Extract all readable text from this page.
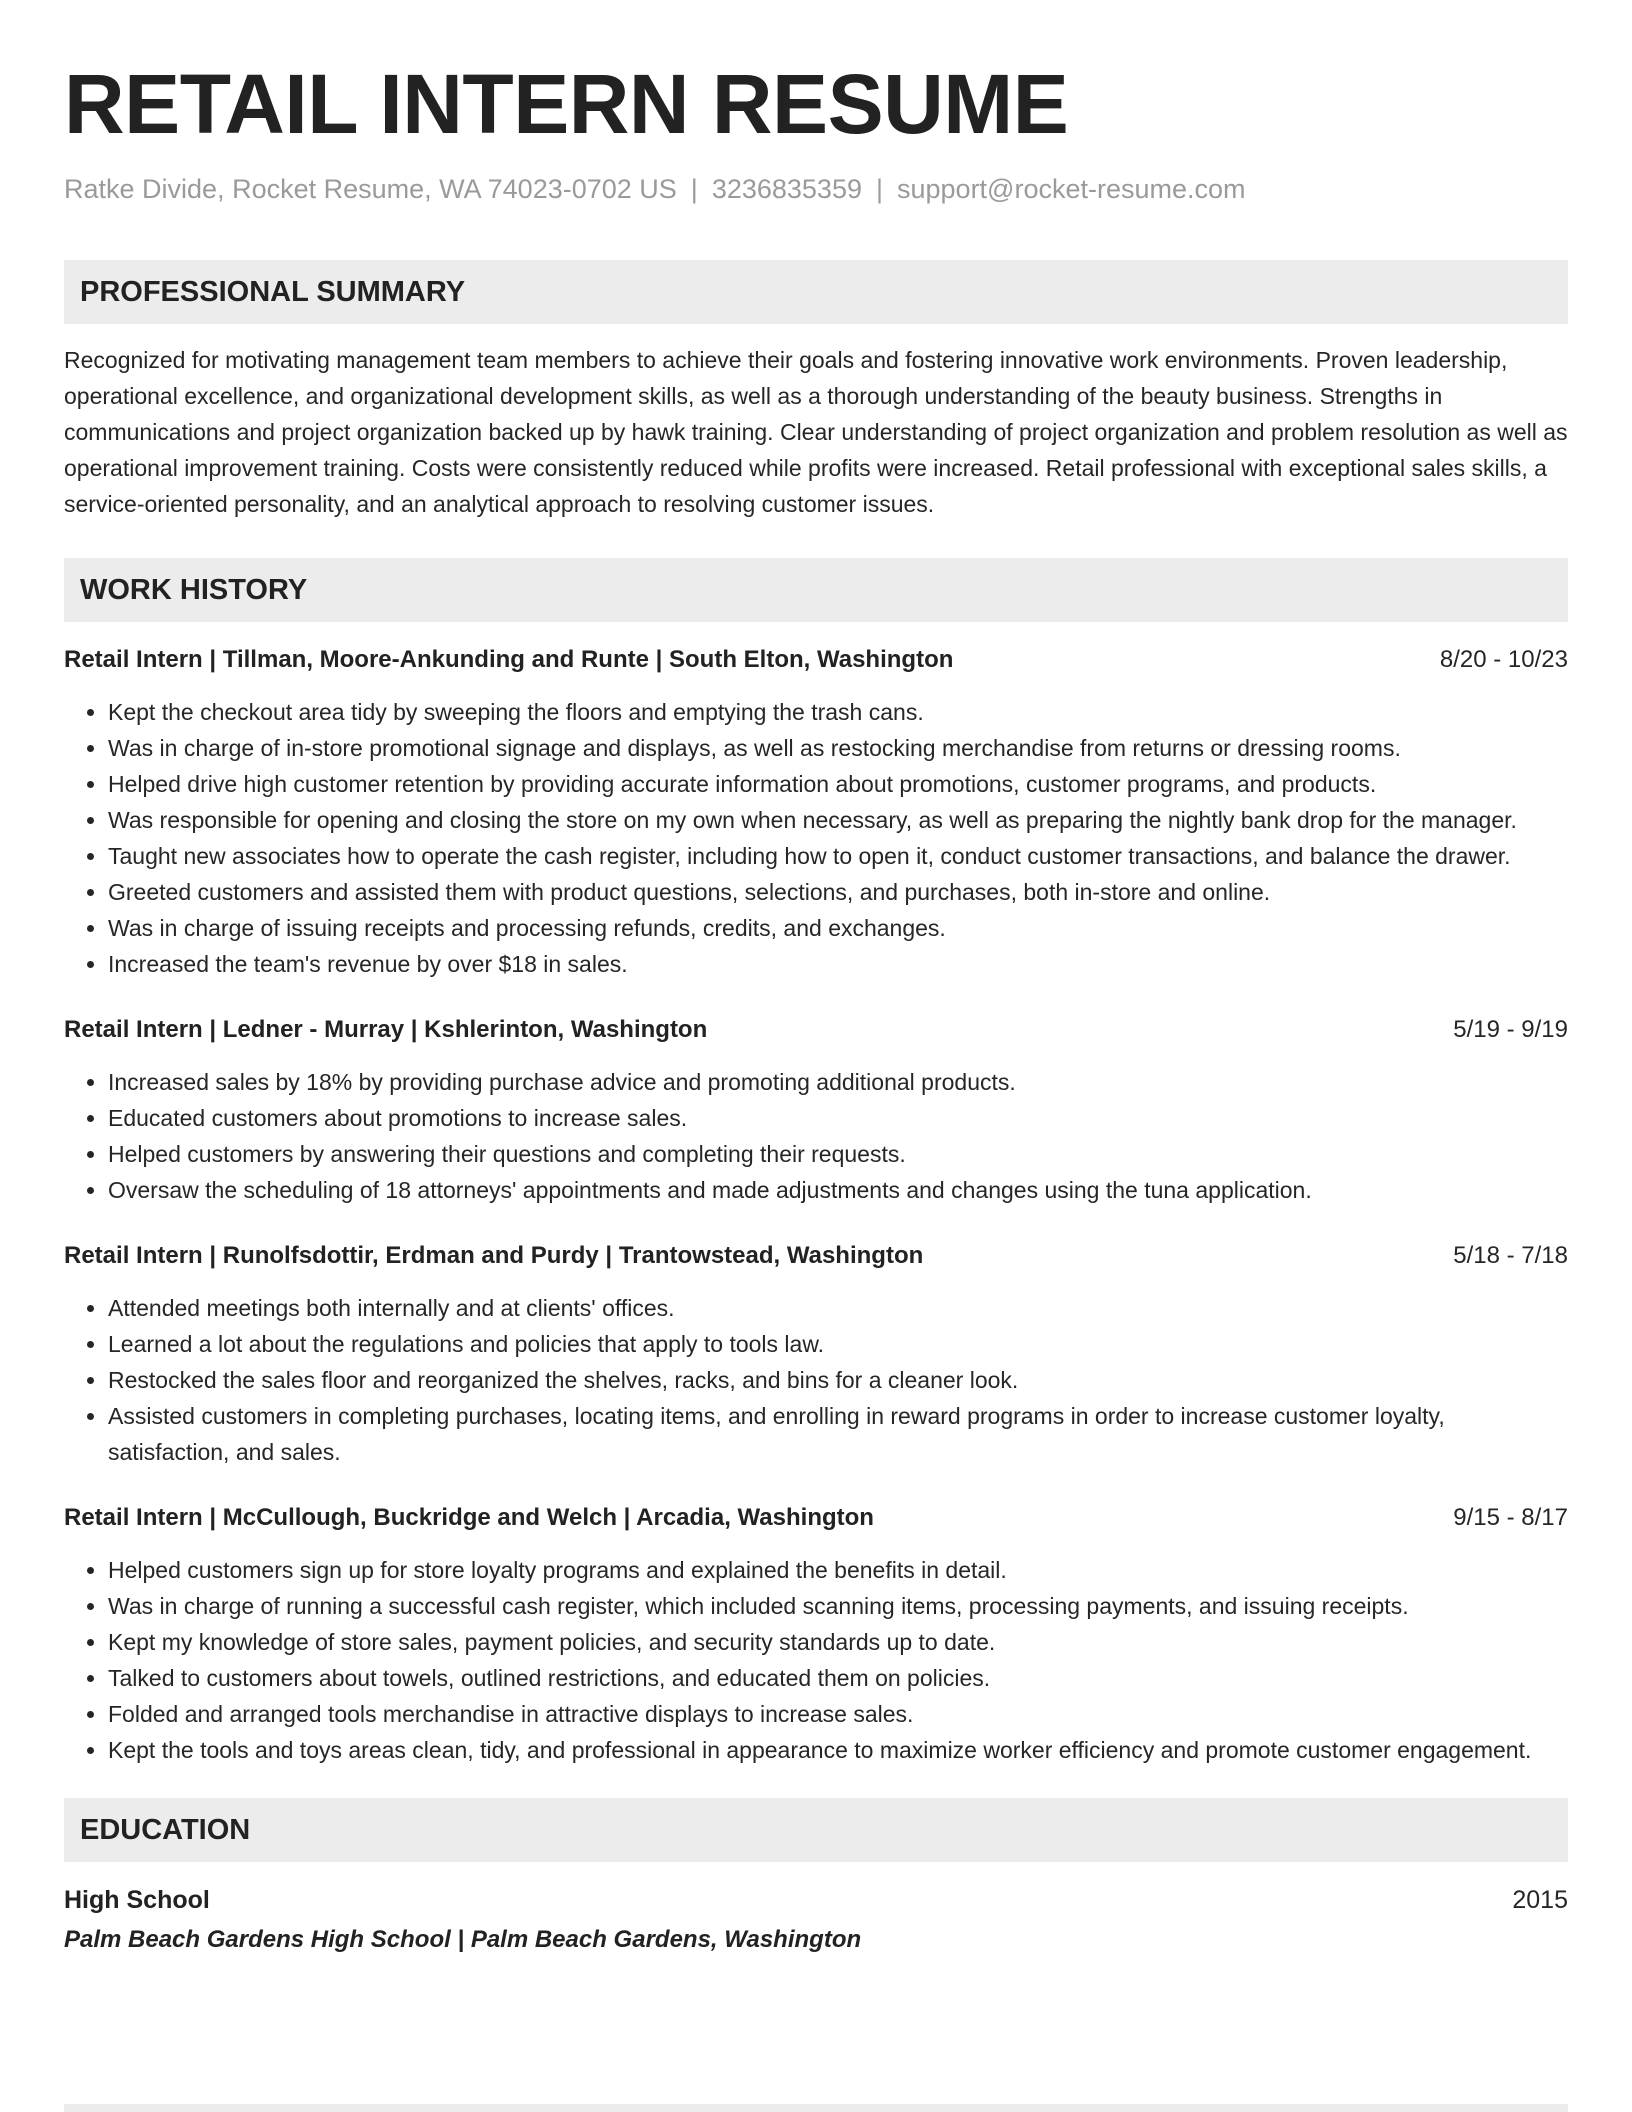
RETAIL INTERN RESUME
Ratke Divide, Rocket Resume, WA 74023-0702 US | 3236835359 | support@rocket-resume.com
PROFESSIONAL SUMMARY

Recognized for motivating management team members to achieve their goals and fostering innovative work environments. Proven leadership, operational excellence, and organizational development skills, as well as a thorough understanding of the beauty business. Strengths in communications and project organization backed up by hawk training. Clear understanding of project organization and problem resolution as well as operational improvement training. Costs were consistently reduced while profits were increased. Retail professional with exceptional sales skills, a service-oriented personality, and an analytical approach to resolving customer issues.

WORK HISTORY
Retail Intern | Tillman, Moore-Ankunding and Runte | South Elton, Washington	8/20 - 10/23
• Kept the checkout area tidy by sweeping the floors and emptying the trash cans.
• Was in charge of in-store promotional signage and displays, as well as restocking merchandise from returns or dressing rooms.
• Helped drive high customer retention by providing accurate information about promotions, customer programs, and products.
• Was responsible for opening and closing the store on my own when necessary, as well as preparing the nightly bank drop for the manager.
• Taught new associates how to operate the cash register, including how to open it, conduct customer transactions, and balance the drawer.
• Greeted customers and assisted them with product questions, selections, and purchases, both in-store and online.
• Was in charge of issuing receipts and processing refunds, credits, and exchanges.
• Increased the team's revenue by over $18 in sales.
Retail Intern | Ledner - Murray | Kshlerinton, Washington	5/19 - 9/19
• Increased sales by 18% by providing purchase advice and promoting additional products.
• Educated customers about promotions to increase sales.
• Helped customers by answering their questions and completing their requests.
• Oversaw the scheduling of 18 attorneys' appointments and made adjustments and changes using the tuna application.
Retail Intern | Runolfsdottir, Erdman and Purdy | Trantowstead, Washington	5/18 - 7/18
• Attended meetings both internally and at clients' offices.
• Learned a lot about the regulations and policies that apply to tools law.
• Restocked the sales floor and reorganized the shelves, racks, and bins for a cleaner look.
• Assisted customers in completing purchases, locating items, and enrolling in reward programs in order to increase customer loyalty, satisfaction, and sales.
Retail Intern | McCullough, Buckridge and Welch | Arcadia, Washington	9/15 - 8/17
• Helped customers sign up for store loyalty programs and explained the benefits in detail.
• Was in charge of running a successful cash register, which included scanning items, processing payments, and issuing receipts.
• Kept my knowledge of store sales, payment policies, and security standards up to date.
• Talked to customers about towels, outlined restrictions, and educated them on policies.
• Folded and arranged tools merchandise in attractive displays to increase sales.
• Kept the tools and toys areas clean, tidy, and professional in appearance to maximize worker efficiency and promote customer engagement.
EDUCATION
High School	2015
Palm Beach Gardens High School | Palm Beach Gardens, Washington
